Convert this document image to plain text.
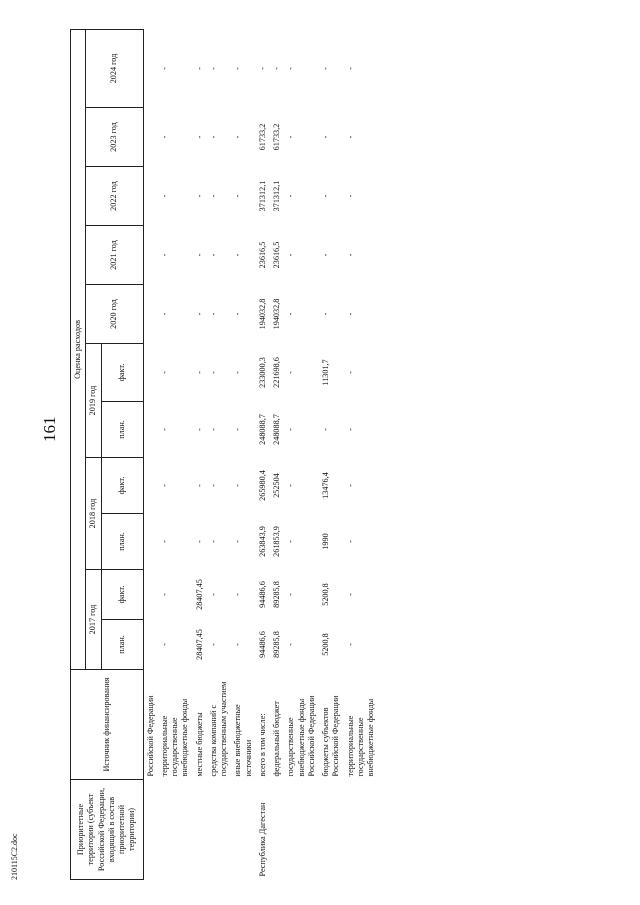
161
210115C2.doc
Приоритетные территории (субъект Российской Федерации, входящий в состав приоритетной территории)	Источник финансирования	Оценка расходов										
		2017 год		2018 год		2019 год		2020 год	2021 год	2022 год	2023 год	2024 год
		план.	факт.	план.	факт.	план.	факт.					
	Российской Федерации											
	территориальные государственные внебюджетные фонды	-	-	-	-	-	-	-	-	-	-	-
	местные бюджеты	28407,45	28407,45	-	-	-	-	-	-	-	-	-
	средства компаний с государственным участием	-	-	-	-	-	-	-	-	-	-	-
	иные внебюджетные источники	-	-	-	-	-	-	-	-	-	-	-
Республика Дагестан	всего в том числе:	94486,6	94486,6	263843,9	265980,4	248088,7	233000,3	194032,8	23616,5	371312,1	61733,2	-
	федеральный бюджет	89285,8	89285,8	261853,9	252504	248088,7	221698,6	194032,8	23616,5	371312,1	61733,2	-
	государственные внебюджетные фонды Российской Федерации	-	-	-	-	-	-	-	-	-	-	-
	бюджеты субъектов Российской Федерации	5200,8	5200,8	1990	13476,4	-	11301,7	-	-	-	-	-
	территориальные государственные внебюджетные фонды	-	-	-	-	-	-	-	-	-	-	-
